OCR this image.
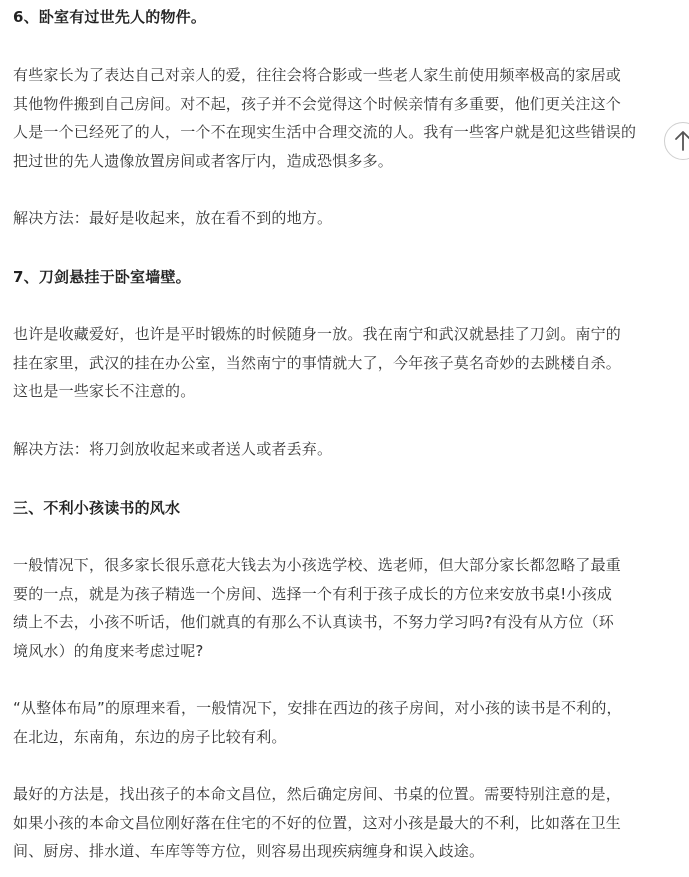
6、卧室有过世先人的物件。
有些家长为了表达自己对亲人的爱，往往会将合影或一些老人家生前使用频率极高的家居或
其他物件搬到自己房间。对不起，孩子并不会觉得这个时候亲情有多重要，他们更关注这个
人是一个已经死了的人，一个不在现实生活中合理交流的人。我有一些客户就是犯这些错误的
把过世的先人遗像放置房间或者客厅内，造成恐惧多多。
解决方法：最好是收起来，放在看不到的地方。
7、刀剑悬挂于卧室墙壁。
也许是收藏爱好，也许是平时锻炼的时候随身一放。我在南宁和武汉就悬挂了刀剑。南宁的
挂在家里，武汉的挂在办公室，当然南宁的事情就大了，今年孩子莫名奇妙的去跳楼自杀。
这也是一些家长不注意的。
解决方法：将刀剑放收起来或者送人或者丢弃。
三、不利小孩读书的风水
一般情况下，很多家长很乐意花大钱去为小孩选学校、选老师，但大部分家长都忽略了最重
要的一点，就是为孩子精选一个房间、选择一个有利于孩子成长的方位来安放书桌!小孩成
绩上不去，小孩不听话，他们就真的有那么不认真读书，不努力学习吗?有没有从方位（环
境风水）的角度来考虑过呢?
“从整体布局”的原理来看，一般情况下，安排在西边的孩子房间，对小孩的读书是不利的，
在北边，东南角，东边的房子比较有利。
最好的方法是，找出孩子的本命文昌位，然后确定房间、书桌的位置。需要特别注意的是，
如果小孩的本命文昌位刚好落在住宅的不好的位置，这对小孩是最大的不利，比如落在卫生
间、厨房、排水道、车库等等方位，则容易出现疾病缠身和误入歧途。
